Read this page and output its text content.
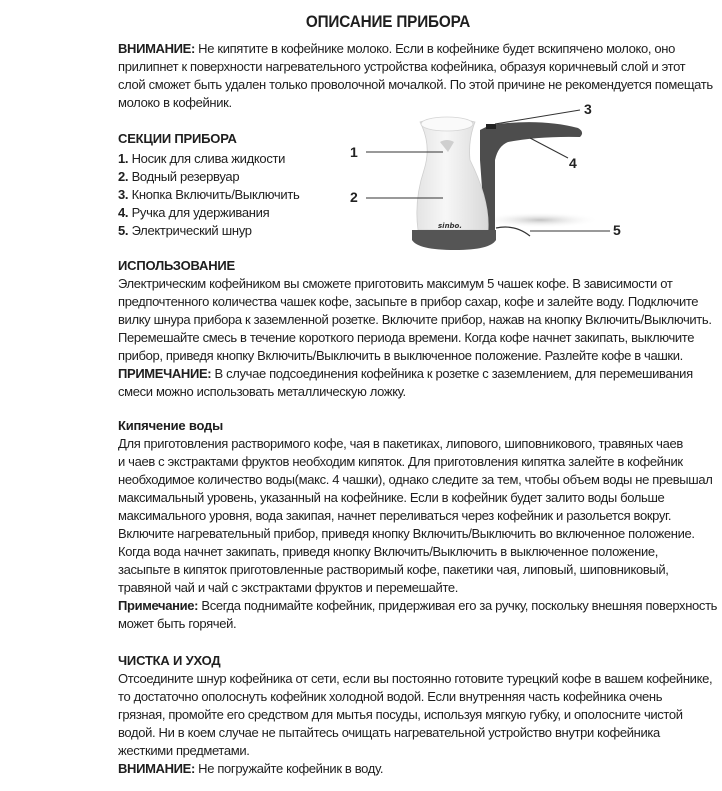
ОПИСАНИЕ ПРИБОРА
ВНИМАНИЕ: Не кипятите в кофейнике молоко. Если в кофейнике будет вскипячено молоко, оно
прилипнет к поверхности нагревательного устройства кофейника, образуя коричневый слой и этот
слой сможет быть удален только проволочной мочалкой. По этой причине не рекомендуется помещать
молоко в кофейник.
СЕКЦИИ ПРИБОРА
1. Носик для слива жидкости
2. Водный резервуар
3. Кнопка Включить/Выключить
4. Ручка для удерживания
5. Электрический шнур
ИСПОЛЬЗОВАНИЕ
Электрическим кофейником вы сможете приготовить максимум 5 чашек кофе. В зависимости от
предпочтенного количества чашек кофе, засыпьте в прибор сахар, кофе и залейте воду. Подключите
вилку шнура прибора к заземленной розетке. Включите прибор, нажав на кнопку Включить/Выключить.
Перемешайте смесь в течение короткого периода времени. Когда кофе начнет закипать, выключите
прибор, приведя кнопку Включить/Выключить в выключенное положение. Разлейте кофе в чашки.
ПРИМЕЧАНИЕ: В случае подсоединения кофейника к розетке с заземлением, для перемешивания
смеси можно использовать металлическую ложку.
Кипячение воды
Для приготовления растворимого кофе, чая в пакетиках, липового, шиповникового, травяных чаев
и чаев с экстрактами фруктов необходим кипяток. Для приготовления кипятка залейте в кофейник
необходимое количество воды(макс. 4 чашки), однако следите за тем, чтобы объем воды не превышал
максимальный уровень, указанный на кофейнике. Если в кофейник будет залито воды больше
максимального уровня, вода закипая, начнет переливаться через кофейник и разольется вокруг.
Включите нагревательный прибор, приведя кнопку Включить/Выключить во включенное положение.
Когда вода начнет закипать, приведя кнопку Включить/Выключить в выключенное положение,
засыпьте в кипяток приготовленные растворимый кофе, пакетики чая, липовый, шиповниковый,
травяной чай и чай с экстрактами фруктов и перемешайте.
Примечание: Всегда поднимайте кофейник, придерживая его за ручку, поскольку внешняя поверхность
может быть горячей.
ЧИСТКА И УХОД
Отсоедините шнур кофейника от сети, если вы постоянно готовите турецкий кофе в вашем кофейнике,
то достаточно ополоснуть кофейник холодной водой. Если внутренняя часть кофейника очень
грязная, промойте его средством для мытья посуды, используя мягкую губку, и ополосните чистой
водой. Ни в коем случае не пытайтесь очищать нагревательной устройство внутри кофейника
жесткими предметами.
ВНИМАНИЕ: Не погружайте кофейник в воду.
sinbo.
1
2
3
4
5
